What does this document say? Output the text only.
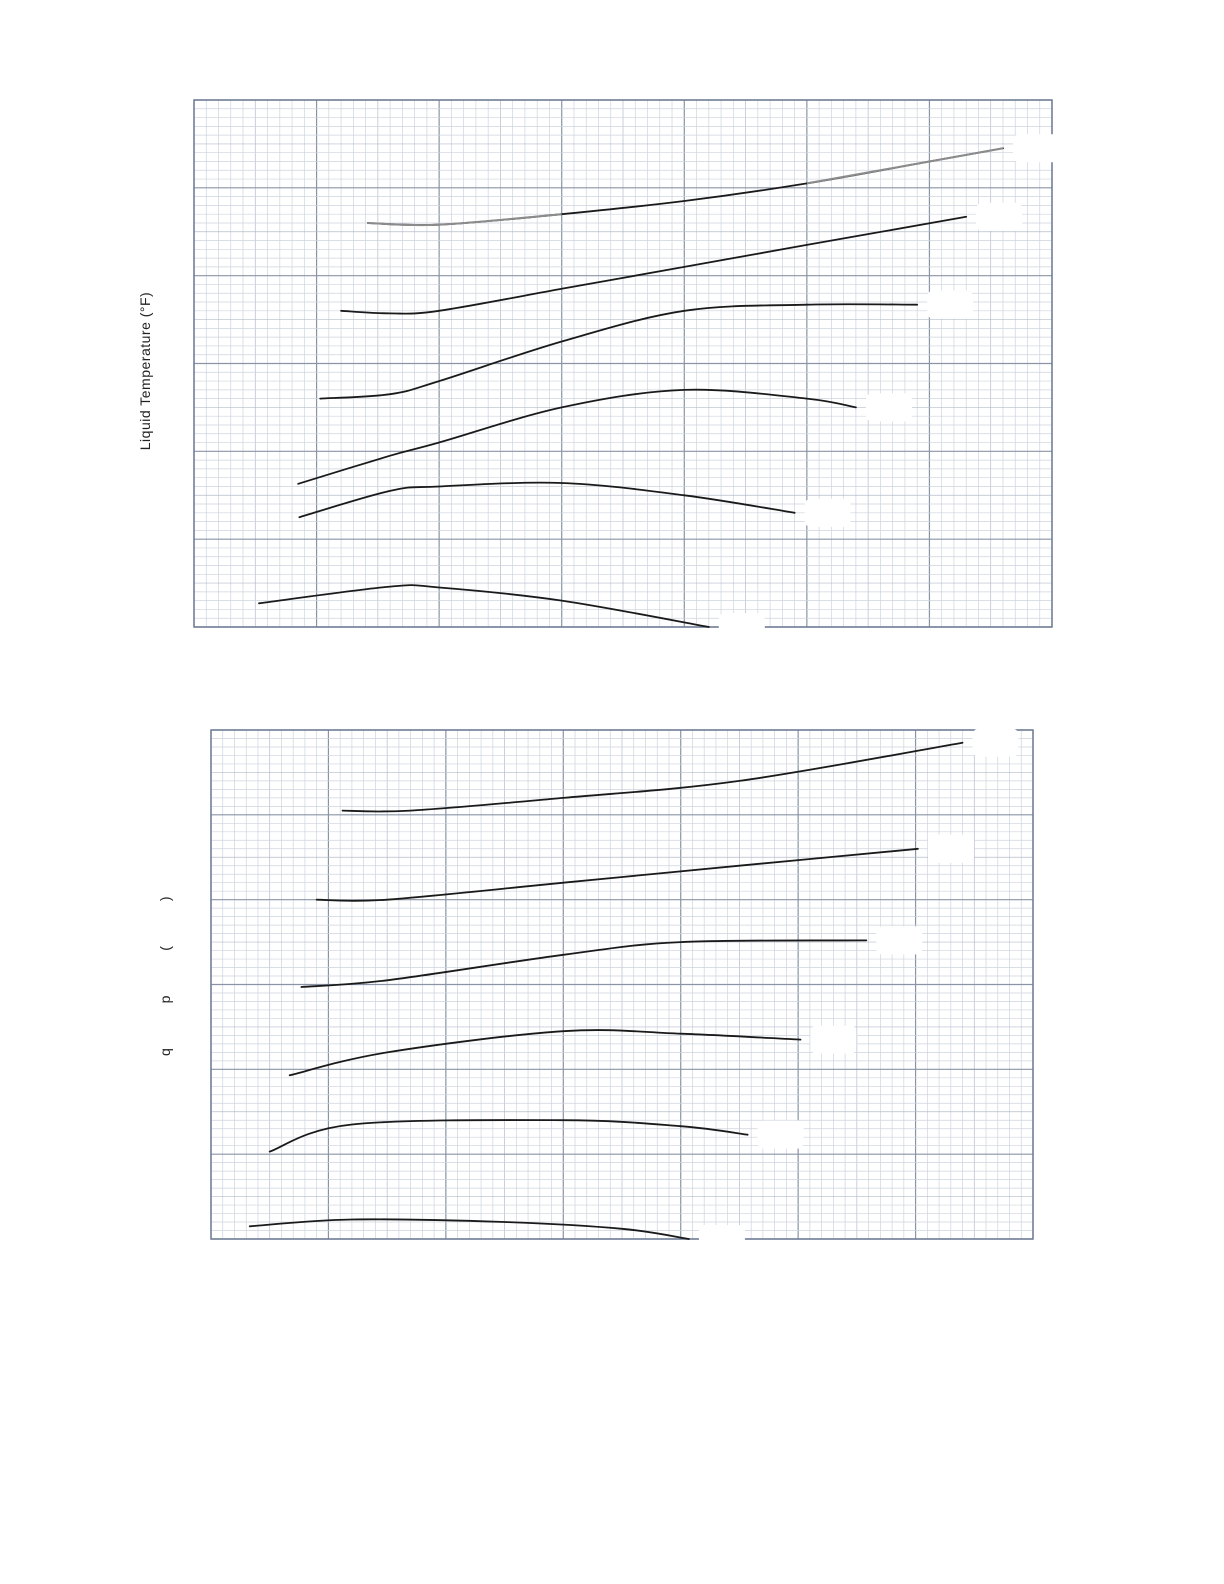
Liquid Temperature (°F)
q p ( )
